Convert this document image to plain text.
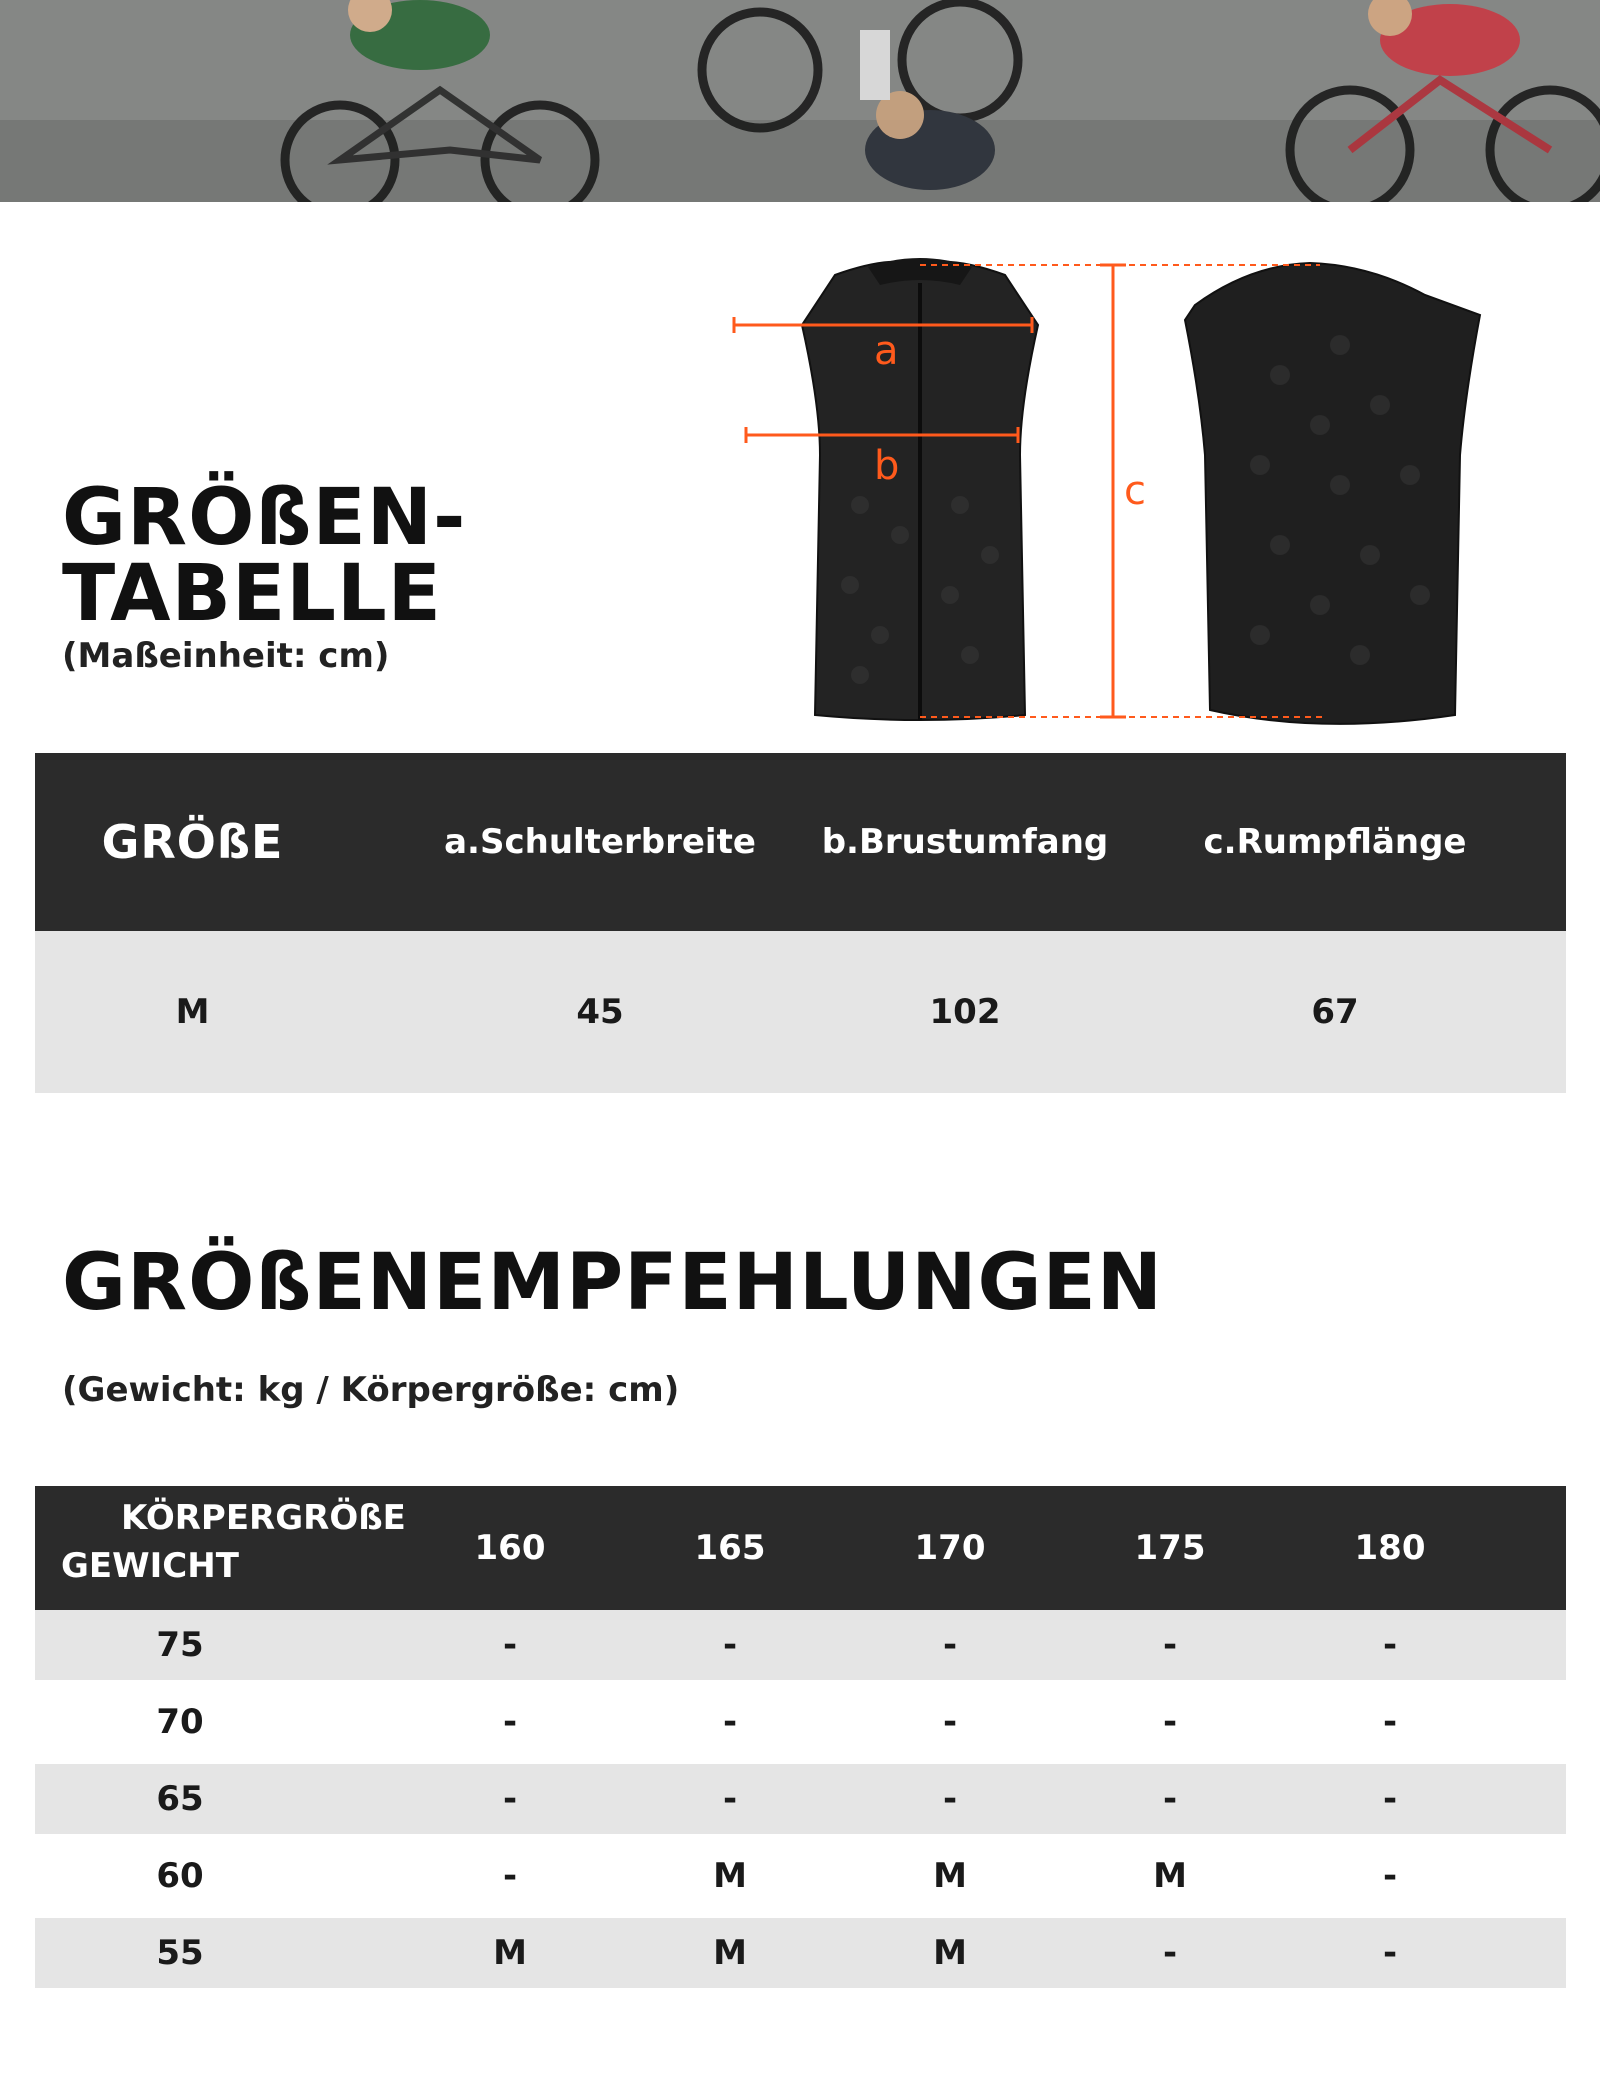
GRÖßEN-
TABELLE
(Maßeinheit: cm)
a
b
c
GRÖßE	a.Schulterbreite	b.Brustumfang	c.Rumpflänge
M	45	102	67
GRÖßENEMPFEHLUNGEN
(Gewicht: kg / Körpergröße: cm)
KÖRPERGRÖßE
GEWICHT	160	165	170	175	180
75	-	-	-	-	-
70	-	-	-	-	-
65	-	-	-	-	-
60	-	M	M	M	-
55	M	M	M	-	-
